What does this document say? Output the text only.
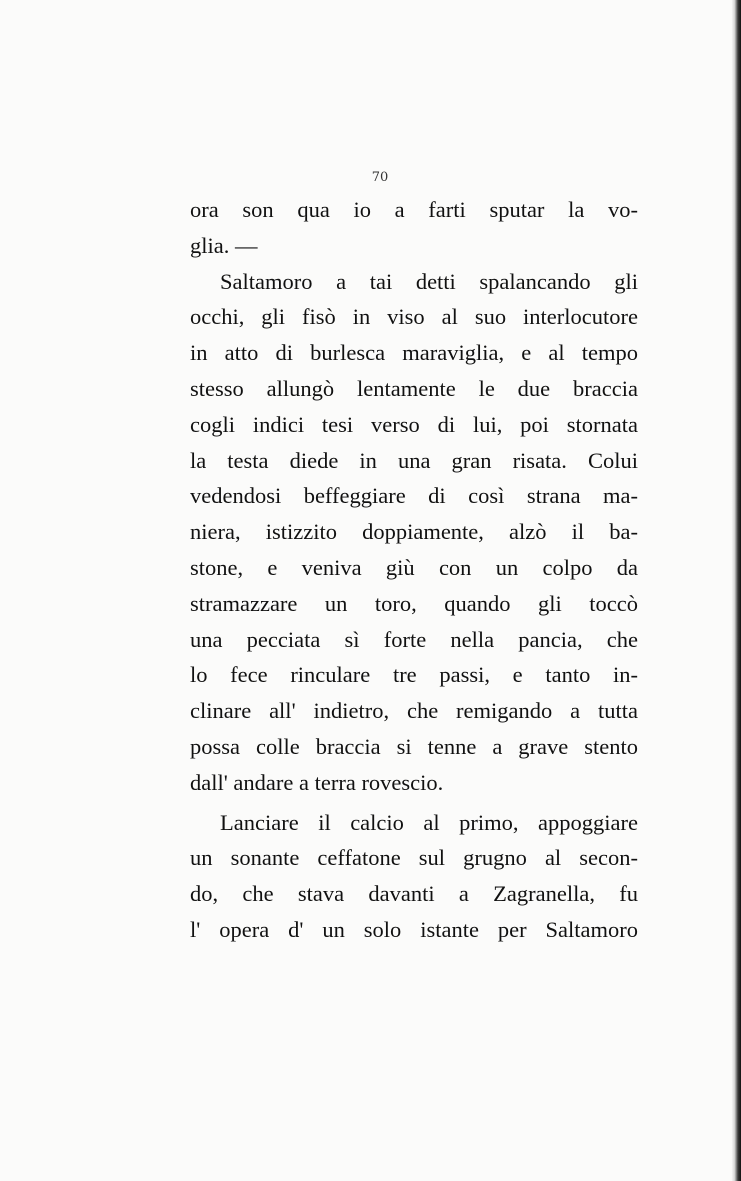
70
ora son qua io a farti sputar la vo-
glia. —
Saltamoro a tai detti spalancando gli
occhi, gli fisò in viso al suo interlocutore
in atto di burlesca maraviglia, e al tempo
stesso allungò lentamente le due braccia
cogli indici tesi verso di lui, poi stornata
la testa diede in una gran risata. Colui
vedendosi beffeggiare di così strana ma-
niera, istizzito doppiamente, alzò il ba-
stone, e veniva giù con un colpo da
stramazzare un toro, quando gli toccò
una pecciata sì forte nella pancia, che
lo fece rinculare tre passi, e tanto in-
clinare all' indietro, che remigando a tutta
possa colle braccia si tenne a grave stento
dall' andare a terra rovescio.
Lanciare il calcio al primo, appoggiare
un sonante ceffatone sul grugno al secon-
do, che stava davanti a Zagranella, fu
l' opera d' un solo istante per Saltamoro
